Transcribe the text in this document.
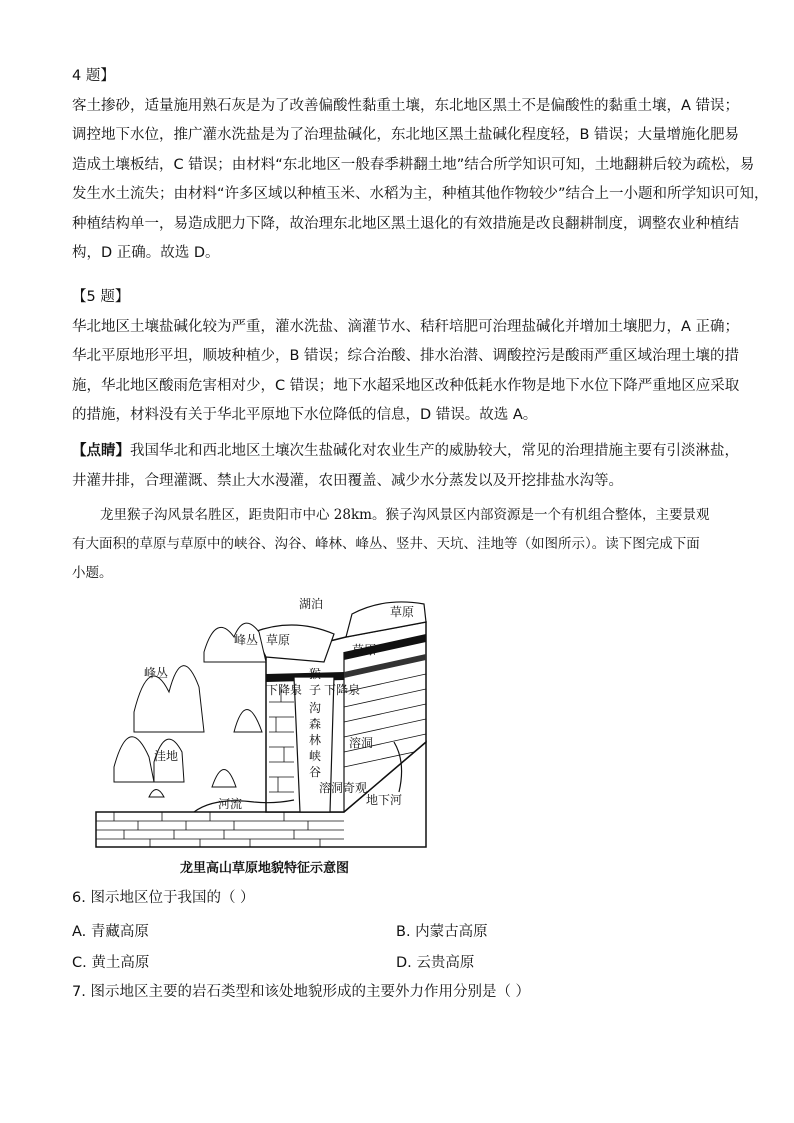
4 题】
客土掺砂，适量施用熟石灰是为了改善偏酸性黏重土壤，东北地区黑土不是偏酸性的黏重土壤，A 错误；
调控地下水位，推广灌水洗盐是为了治理盐碱化，东北地区黑土盐碱化程度轻，B 错误；大量增施化肥易
造成土壤板结，C 错误；由材料“东北地区一般春季耕翻土地”结合所学知识可知，土地翻耕后较为疏松，易
发生水土流失；由材料“许多区域以种植玉米、水稻为主，种植其他作物较少”结合上一小题和所学知识可知，
种植结构单一，易造成肥力下降，故治理东北地区黑土退化的有效措施是改良翻耕制度，调整农业种植结
构，D 正确。故选 D。
【5 题】
华北地区土壤盐碱化较为严重，灌水洗盐、滴灌节水、秸秆培肥可治理盐碱化并增加土壤肥力，A 正确；
华北平原地形平坦，顺坡种植少，B 错误；综合治酸、排水治潜、调酸控污是酸雨严重区域治理土壤的措
施，华北地区酸雨危害相对少，C 错误；地下水超采地区改种低耗水作物是地下水位下降严重地区应采取
的措施，材料没有关于华北平原地下水位降低的信息，D 错误。故选 A。
【点睛】我国华北和西北地区土壤次生盐碱化对农业生产的威胁较大，常见的治理措施主要有引淡淋盐，
井灌井排，合理灌溉、禁止大水漫灌，农田覆盖、减少水分蒸发以及开挖排盐水沟等。
龙里猴子沟风景名胜区，距贵阳市中心 28km。猴子沟风景区内部资源是一个有机组合整体，主要景观
有大面积的草原与草原中的峡谷、沟谷、峰林、峰丛、竖井、天坑、洼地等（如图所示）。读下图完成下面
小题。
湖泊
草原
草原
草原
峰丛
峰丛	猴
下降泉 子 下降泉
沟
森
林
峡
谷
溶洞
溶洞奇观
地下河
洼地
河流
龙里高山草原地貌特征示意图
6. 图示地区位于我国的（ ）
A. 青藏高原	B. 内蒙古高原
C. 黄土高原	D. 云贵高原
7. 图示地区主要的岩石类型和该处地貌形成的主要外力作用分别是（ ）
